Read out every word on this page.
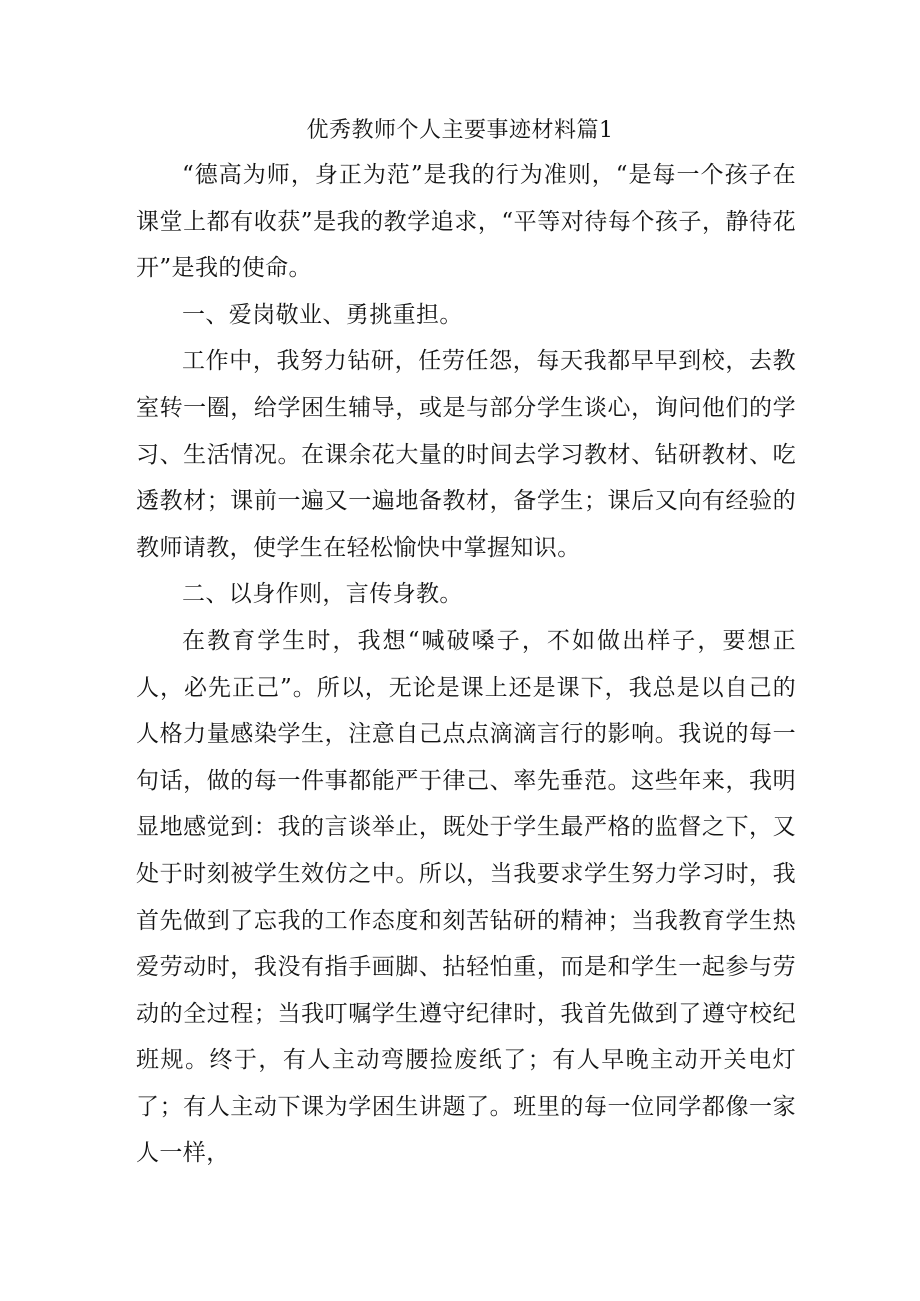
优秀教师个人主要事迹材料篇1

“德高为师，身正为范”是我的行为准则，“是每一个孩子在课堂上都有收获”是我的教学追求，“平等对待每个孩子，静待花开”是我的使命。

一、爱岗敬业、勇挑重担。

工作中，我努力钻研，任劳任怨，每天我都早早到校，去教室转一圈，给学困生辅导，或是与部分学生谈心，询问他们的学习、生活情况。在课余花大量的时间去学习教材、钻研教材、吃透教材；课前一遍又一遍地备教材，备学生；课后又向有经验的教师请教，使学生在轻松愉快中掌握知识。

二、以身作则，言传身教。

在教育学生时，我想“喊破嗓子，不如做出样子，要想正人，必先正己”。所以，无论是课上还是课下，我总是以自己的人格力量感染学生，注意自己点点滴滴言行的影响。我说的每一句话，做的每一件事都能严于律己、率先垂范。这些年来，我明显地感觉到：我的言谈举止，既处于学生最严格的监督之下，又处于时刻被学生效仿之中。所以，当我要求学生努力学习时，我首先做到了忘我的工作态度和刻苦钻研的精神；当我教育学生热爱劳动时，我没有指手画脚、拈轻怕重，而是和学生一起参与劳动的全过程；当我叮嘱学生遵守纪律时，我首先做到了遵守校纪班规。终于，有人主动弯腰捡废纸了；有人早晚主动开关电灯了；有人主动下课为学困生讲题了。班里的每一位同学都像一家人一样，
